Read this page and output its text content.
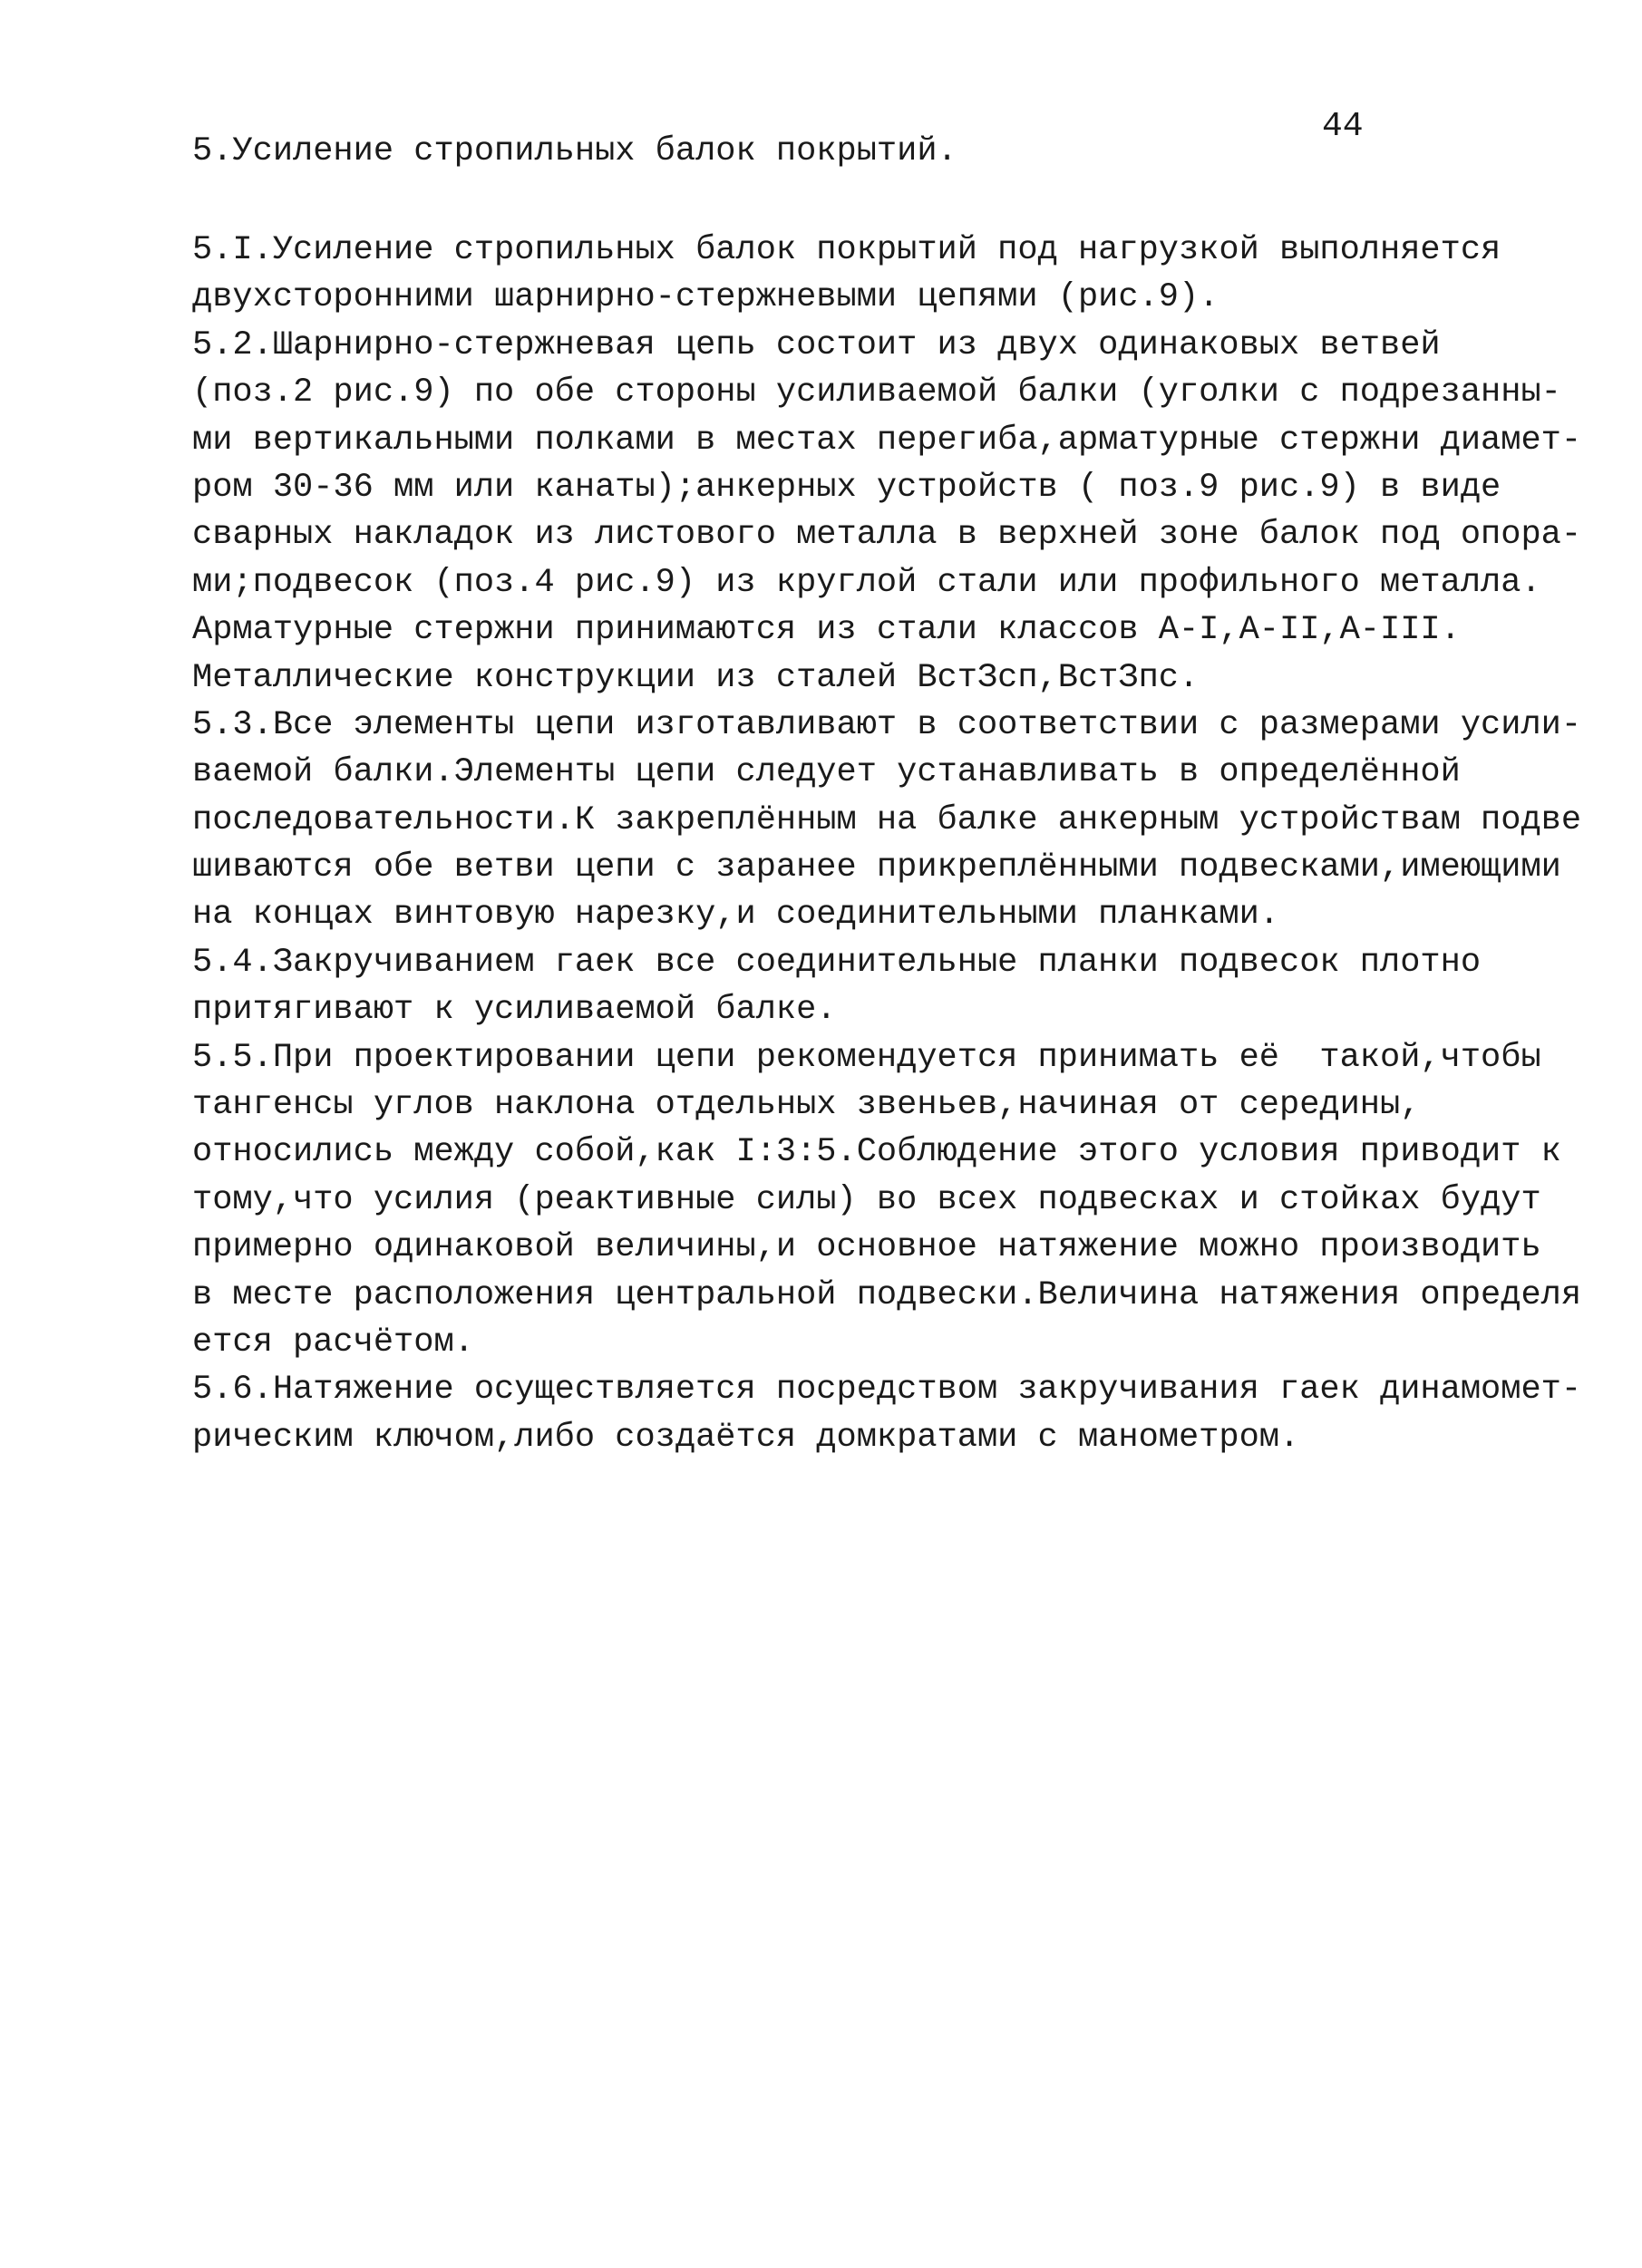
44
5.Усиление стропильных балок покрытий.
5.I.Усиление стропильных балок покрытий под нагрузкой выполняется
двухсторонними шарнирно-стержневыми цепями (рис.9).
5.2.Шарнирно-стержневая цепь состоит из двух одинаковых ветвей
(поз.2 рис.9) по обе стороны усиливаемой балки (уголки с подрезанны-
ми вертикальными полками в местах перегиба,арматурные стержни диамет-
ром 30-36 мм или канаты);анкерных устройств ( поз.9 рис.9) в виде
сварных накладок из листового металла в верхней зоне балок под опора-
ми;подвесок (поз.4 рис.9) из круглой стали или профильного металла.
Арматурные стержни принимаются из стали классов А-I,А-II,А-III.
Металлические конструкции из сталей ВстЗсп,ВстЗпс.
5.3.Все элементы цепи изготавливают в соответствии с размерами усили-
ваемой балки.Элементы цепи следует устанавливать в определённой
последовательности.К закреплённым на балке анкерным устройствам подве
шиваются обе ветви цепи с заранее прикреплёнными подвесками,имеющими
на концах винтовую нарезку,и соединительными планками.
5.4.Закручиванием гаек все соединительные планки подвесок плотно
притягивают к усиливаемой балке.
5.5.При проектировании цепи рекомендуется принимать её  такой,чтобы
тангенсы углов наклона отдельных звеньев,начиная от середины,
относились между собой,как I:3:5.Соблюдение этого условия приводит к
тому,что усилия (реактивные силы) во всех подвесках и стойках будут
примерно одинаковой величины,и основное натяжение можно производить
в месте расположения центральной подвески.Величина натяжения определя
ется расчётом.
5.6.Натяжение осуществляется посредством закручивания гаек динамомет-
рическим ключом,либо создаётся домкратами с манометром.
